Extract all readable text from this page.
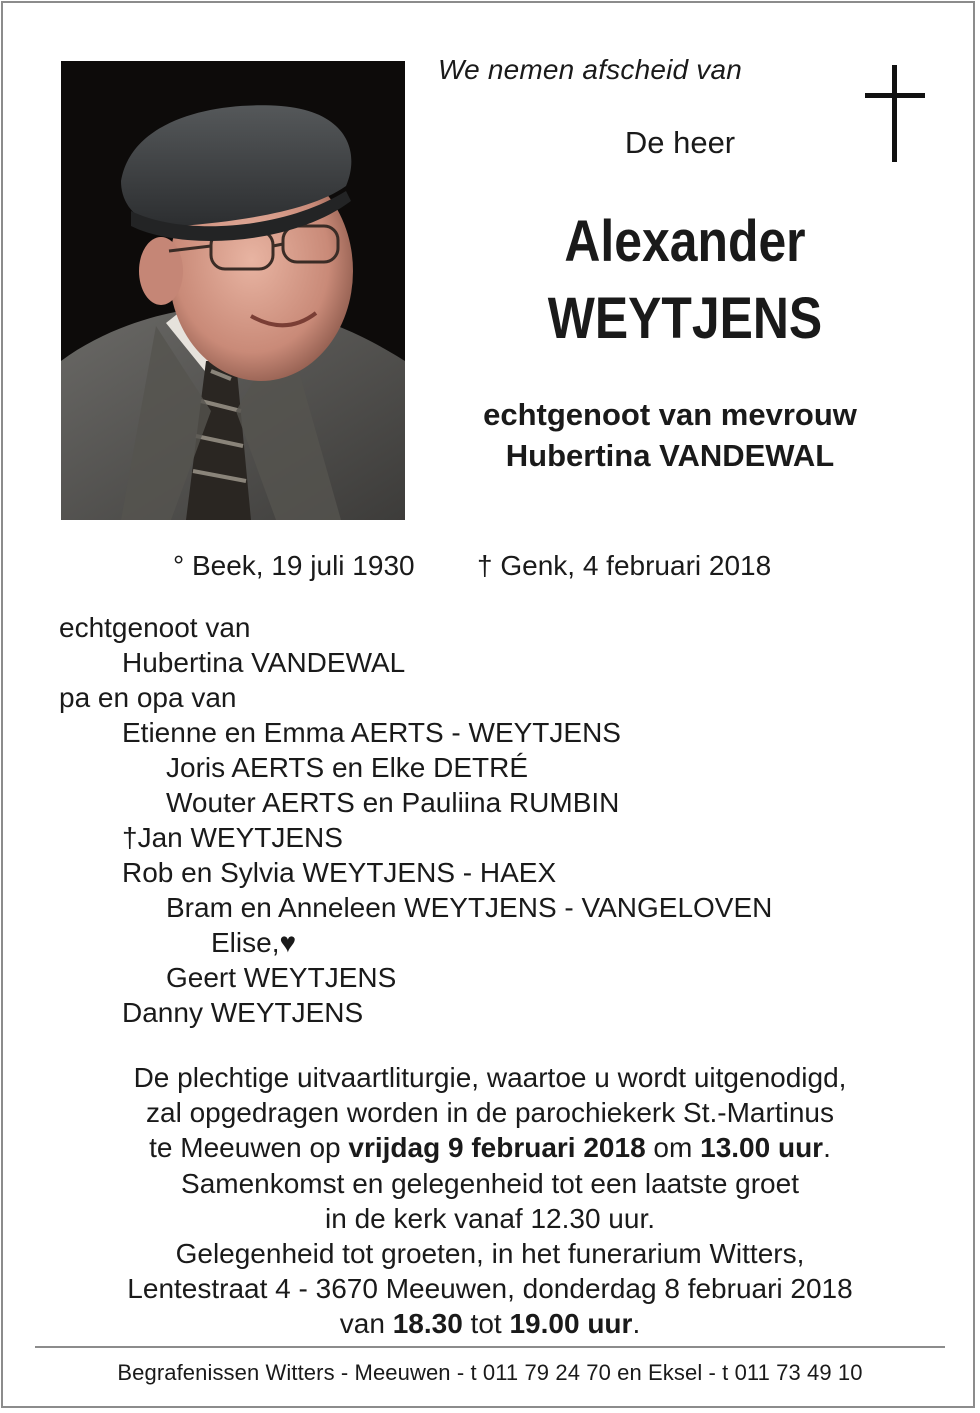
We nemen afscheid van
De heer
Alexander
WEYTJENS
echtgenoot van mevrouw
Hubertina VANDEWAL
° Beek, 19 juli 1930 † Genk, 4 februari 2018
echtgenoot van
Hubertina VANDEWAL
pa en opa van
Etienne en Emma AERTS - WEYTJENS
Joris AERTS en Elke DETRÉ
Wouter AERTS en Pauliina RUMBIN
†Jan WEYTJENS
Rob en Sylvia WEYTJENS - HAEX
Bram en Anneleen WEYTJENS - VANGELOVEN
Elise,♥
Geert WEYTJENS
Danny WEYTJENS
De plechtige uitvaartliturgie, waartoe u wordt uitgenodigd,
zal opgedragen worden in de parochiekerk St.-Martinus
te Meeuwen op vrijdag 9 februari 2018 om 13.00 uur.
Samenkomst en gelegenheid tot een laatste groet
in de kerk vanaf 12.30 uur.
Gelegenheid tot groeten, in het funerarium Witters,
Lentestraat 4 - 3670 Meeuwen, donderdag 8 februari 2018
van 18.30 tot 19.00 uur.
Begrafenissen Witters - Meeuwen - t 011 79 24 70 en Eksel - t 011 73 49 10
